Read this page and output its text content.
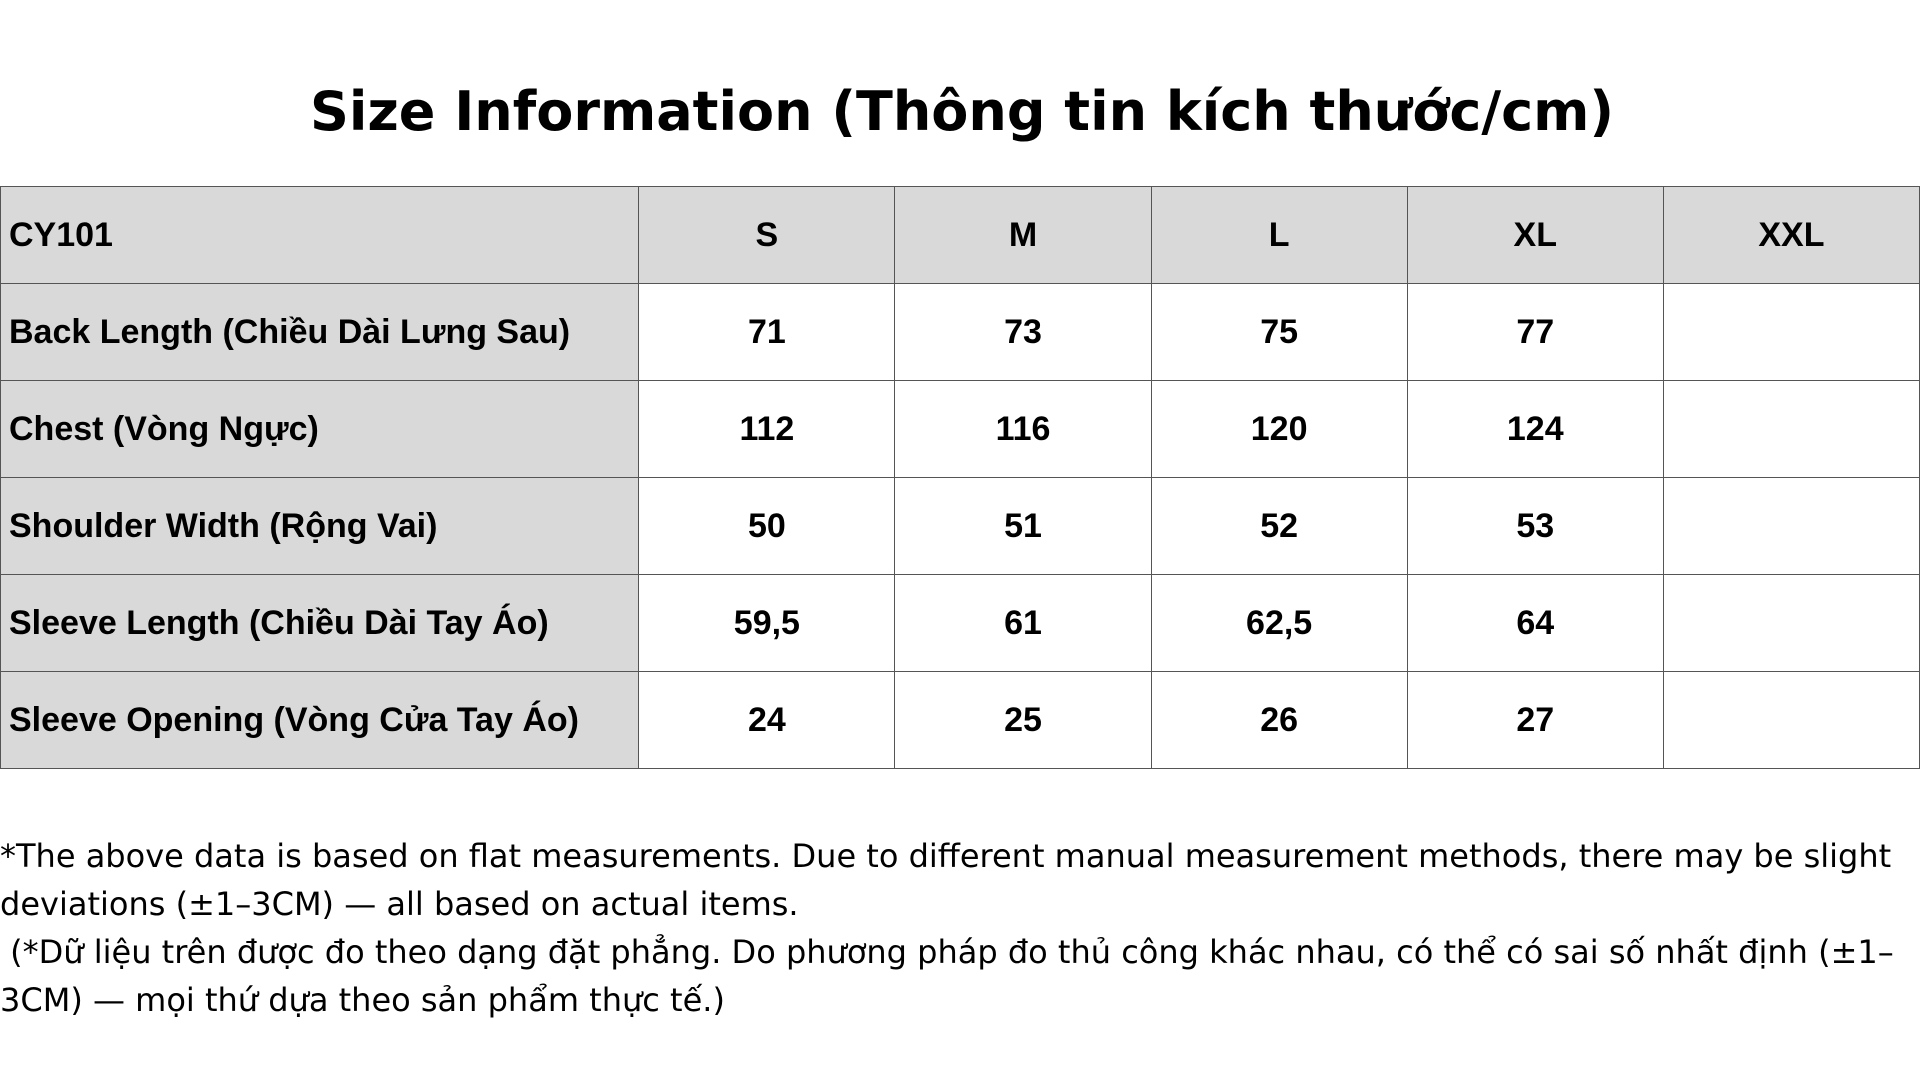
Size Information (Thông tin kích thước/cm)
CY101	S	M	L	XL	XXL
Back Length (Chiều Dài Lưng Sau)	71	73	75	77	
Chest (Vòng Ngực)	112	116	120	124	
Shoulder Width (Rộng Vai)	50	51	52	53	
Sleeve Length (Chiều Dài Tay Áo)	59,5	61	62,5	64	
Sleeve Opening (Vòng Cửa Tay Áo)	24	25	26	27	

*The above data is based on flat measurements. Due to different manual measurement methods, there may be slight deviations (±1–3CM) — all based on actual items.

(*Dữ liệu trên được đo theo dạng đặt phẳng. Do phương pháp đo thủ công khác nhau, có thể có sai số nhất định (±1–3CM) — mọi thứ dựa theo sản phẩm thực tế.)
